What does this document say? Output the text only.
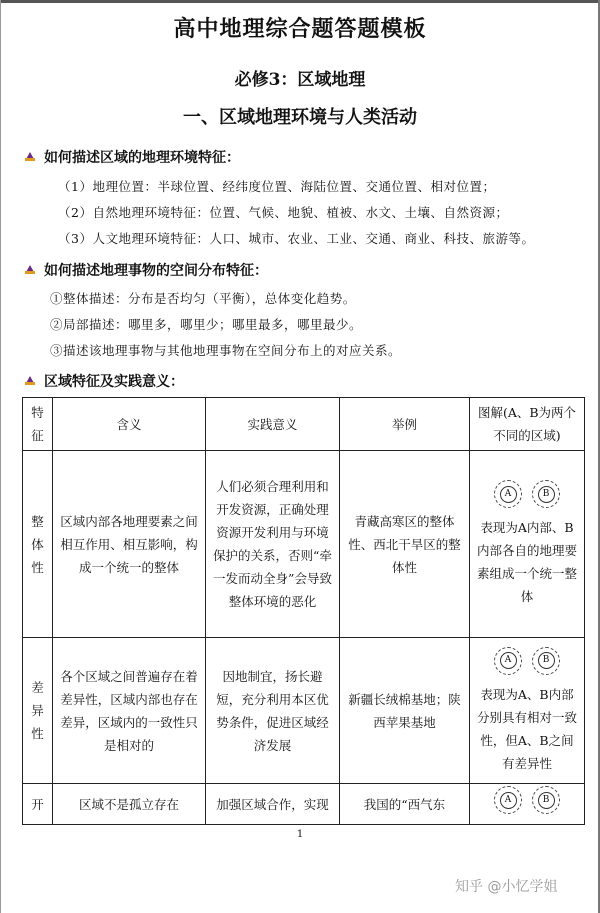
高中地理综合题答题模板
必修3：区域地理
一、区域地理环境与人类活动
如何描述区域的地理环境特征：
（1）地理位置：半球位置、经纬度位置、海陆位置、交通位置、相对位置；
（2）自然地理环境特征：位置、气候、地貌、植被、水文、土壤、自然资源；
（3）人文地理环境特征：人口、城市、农业、工业、交通、商业、科技、旅游等。
如何描述地理事物的空间分布特征：
①整体描述：分布是否均匀（平衡），总体变化趋势。
②局部描述：哪里多，哪里少；哪里最多，哪里最少。
③描述该地理事物与其他地理事物在空间分布上的对应关系。
区域特征及实践意义：
特征	含义	实践意义	举例	图解(A、B为两个不同的区域)
整体性	区域内部各地理要素之间相互作用、相互影响，构成一个统一的整体	人们必须合理利用和开发资源，正确处理资源开发利用与环境保护的关系，否则“牵一发而动全身”会导致整体环境的恶化	青藏高寒区的整体性、西北干旱区的整体性	A B
表现为A内部、B内部各自的地理要素组成一个统一整体

差异性	各个区域之间普遍存在着差异性，区域内部也存在差异，区域内的一致性只是相对的	因地制宜，扬长避短，充分利用本区优势条件，促进区域经济发展	新疆长绒棉基地；陕西苹果基地	A B
表现为A、B内部分别具有相对一致性，但A、B之间有差异性

开	区域不是孤立存在	加强区域合作，实现	我国的“西气东	A B
1
知乎 @小忆学姐
